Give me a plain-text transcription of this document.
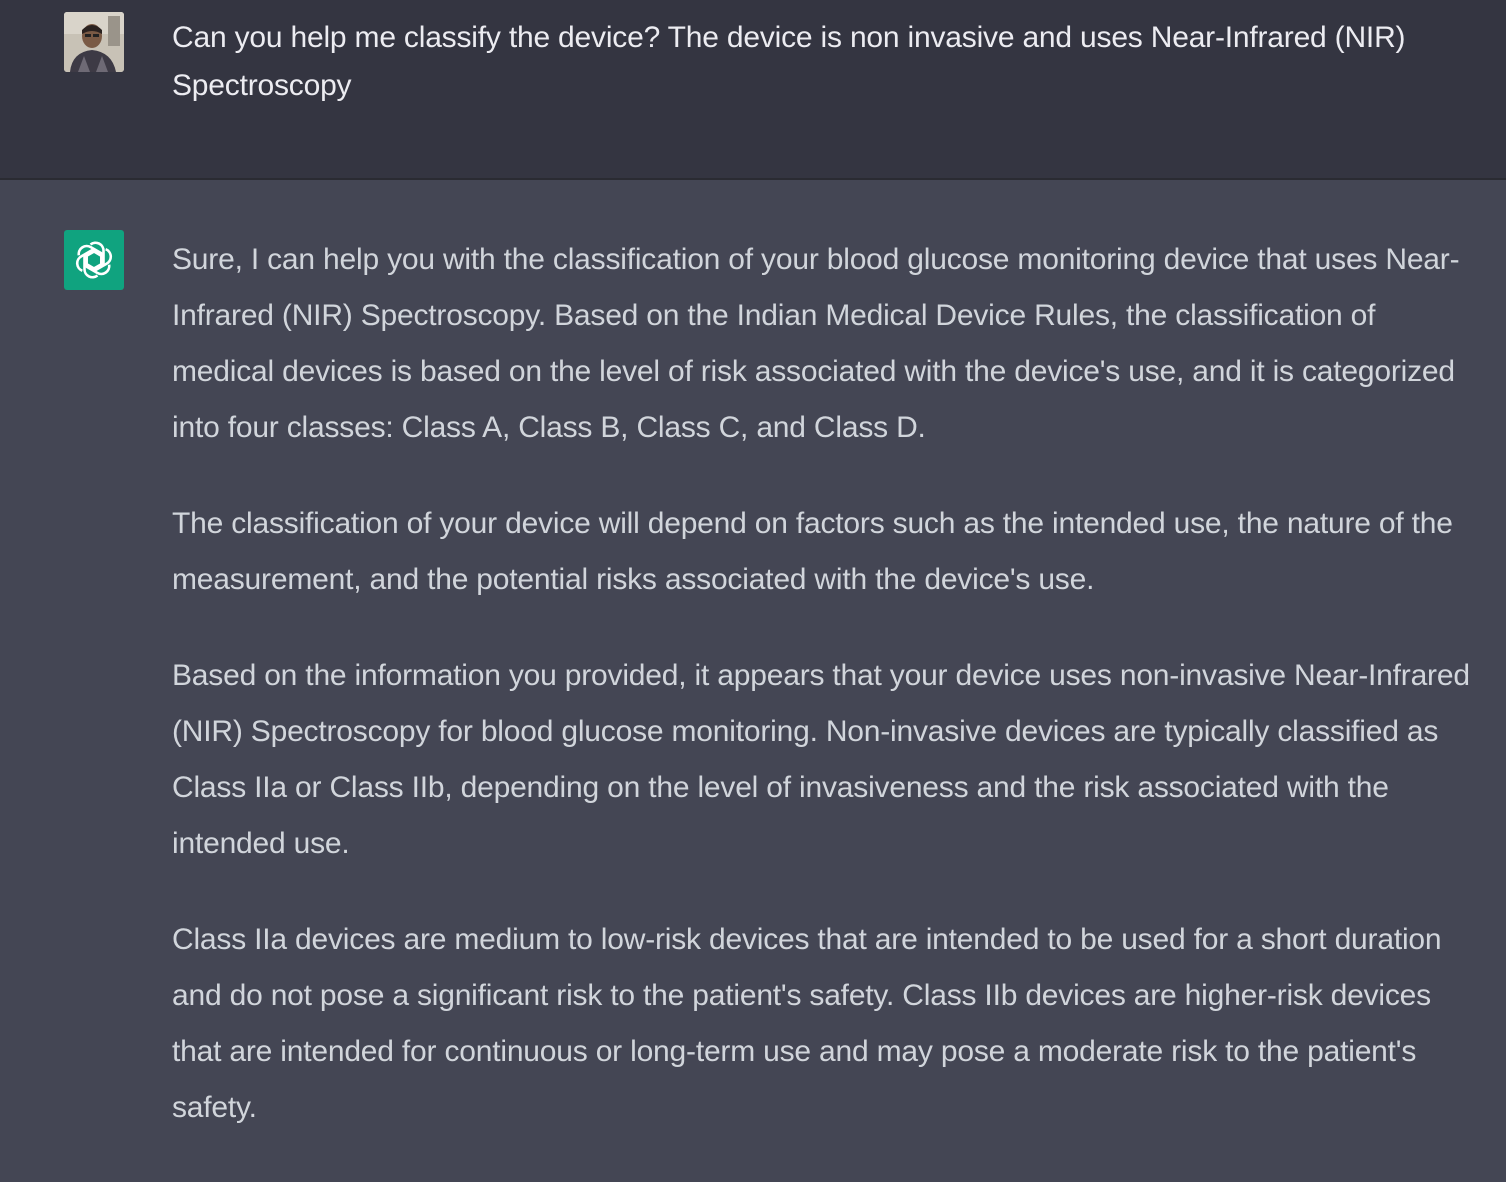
Can you help me classify the device? The device is non invasive and uses Near-Infrared (NIR) Spectroscopy

Sure, I can help you with the classification of your blood glucose monitoring device that uses Near-Infrared (NIR) Spectroscopy. Based on the Indian Medical Device Rules, the classification of medical devices is based on the level of risk associated with the device's use, and it is categorized into four classes: Class A, Class B, Class C, and Class D.

The classification of your device will depend on factors such as the intended use, the nature of the measurement, and the potential risks associated with the device's use.

Based on the information you provided, it appears that your device uses non-invasive Near-Infrared (NIR) Spectroscopy for blood glucose monitoring. Non-invasive devices are typically classified as Class IIa or Class IIb, depending on the level of invasiveness and the risk associated with the intended use.

Class IIa devices are medium to low-risk devices that are intended to be used for a short duration and do not pose a significant risk to the patient's safety. Class IIb devices are higher-risk devices that are intended for continuous or long-term use and may pose a moderate risk to the patient's safety.
